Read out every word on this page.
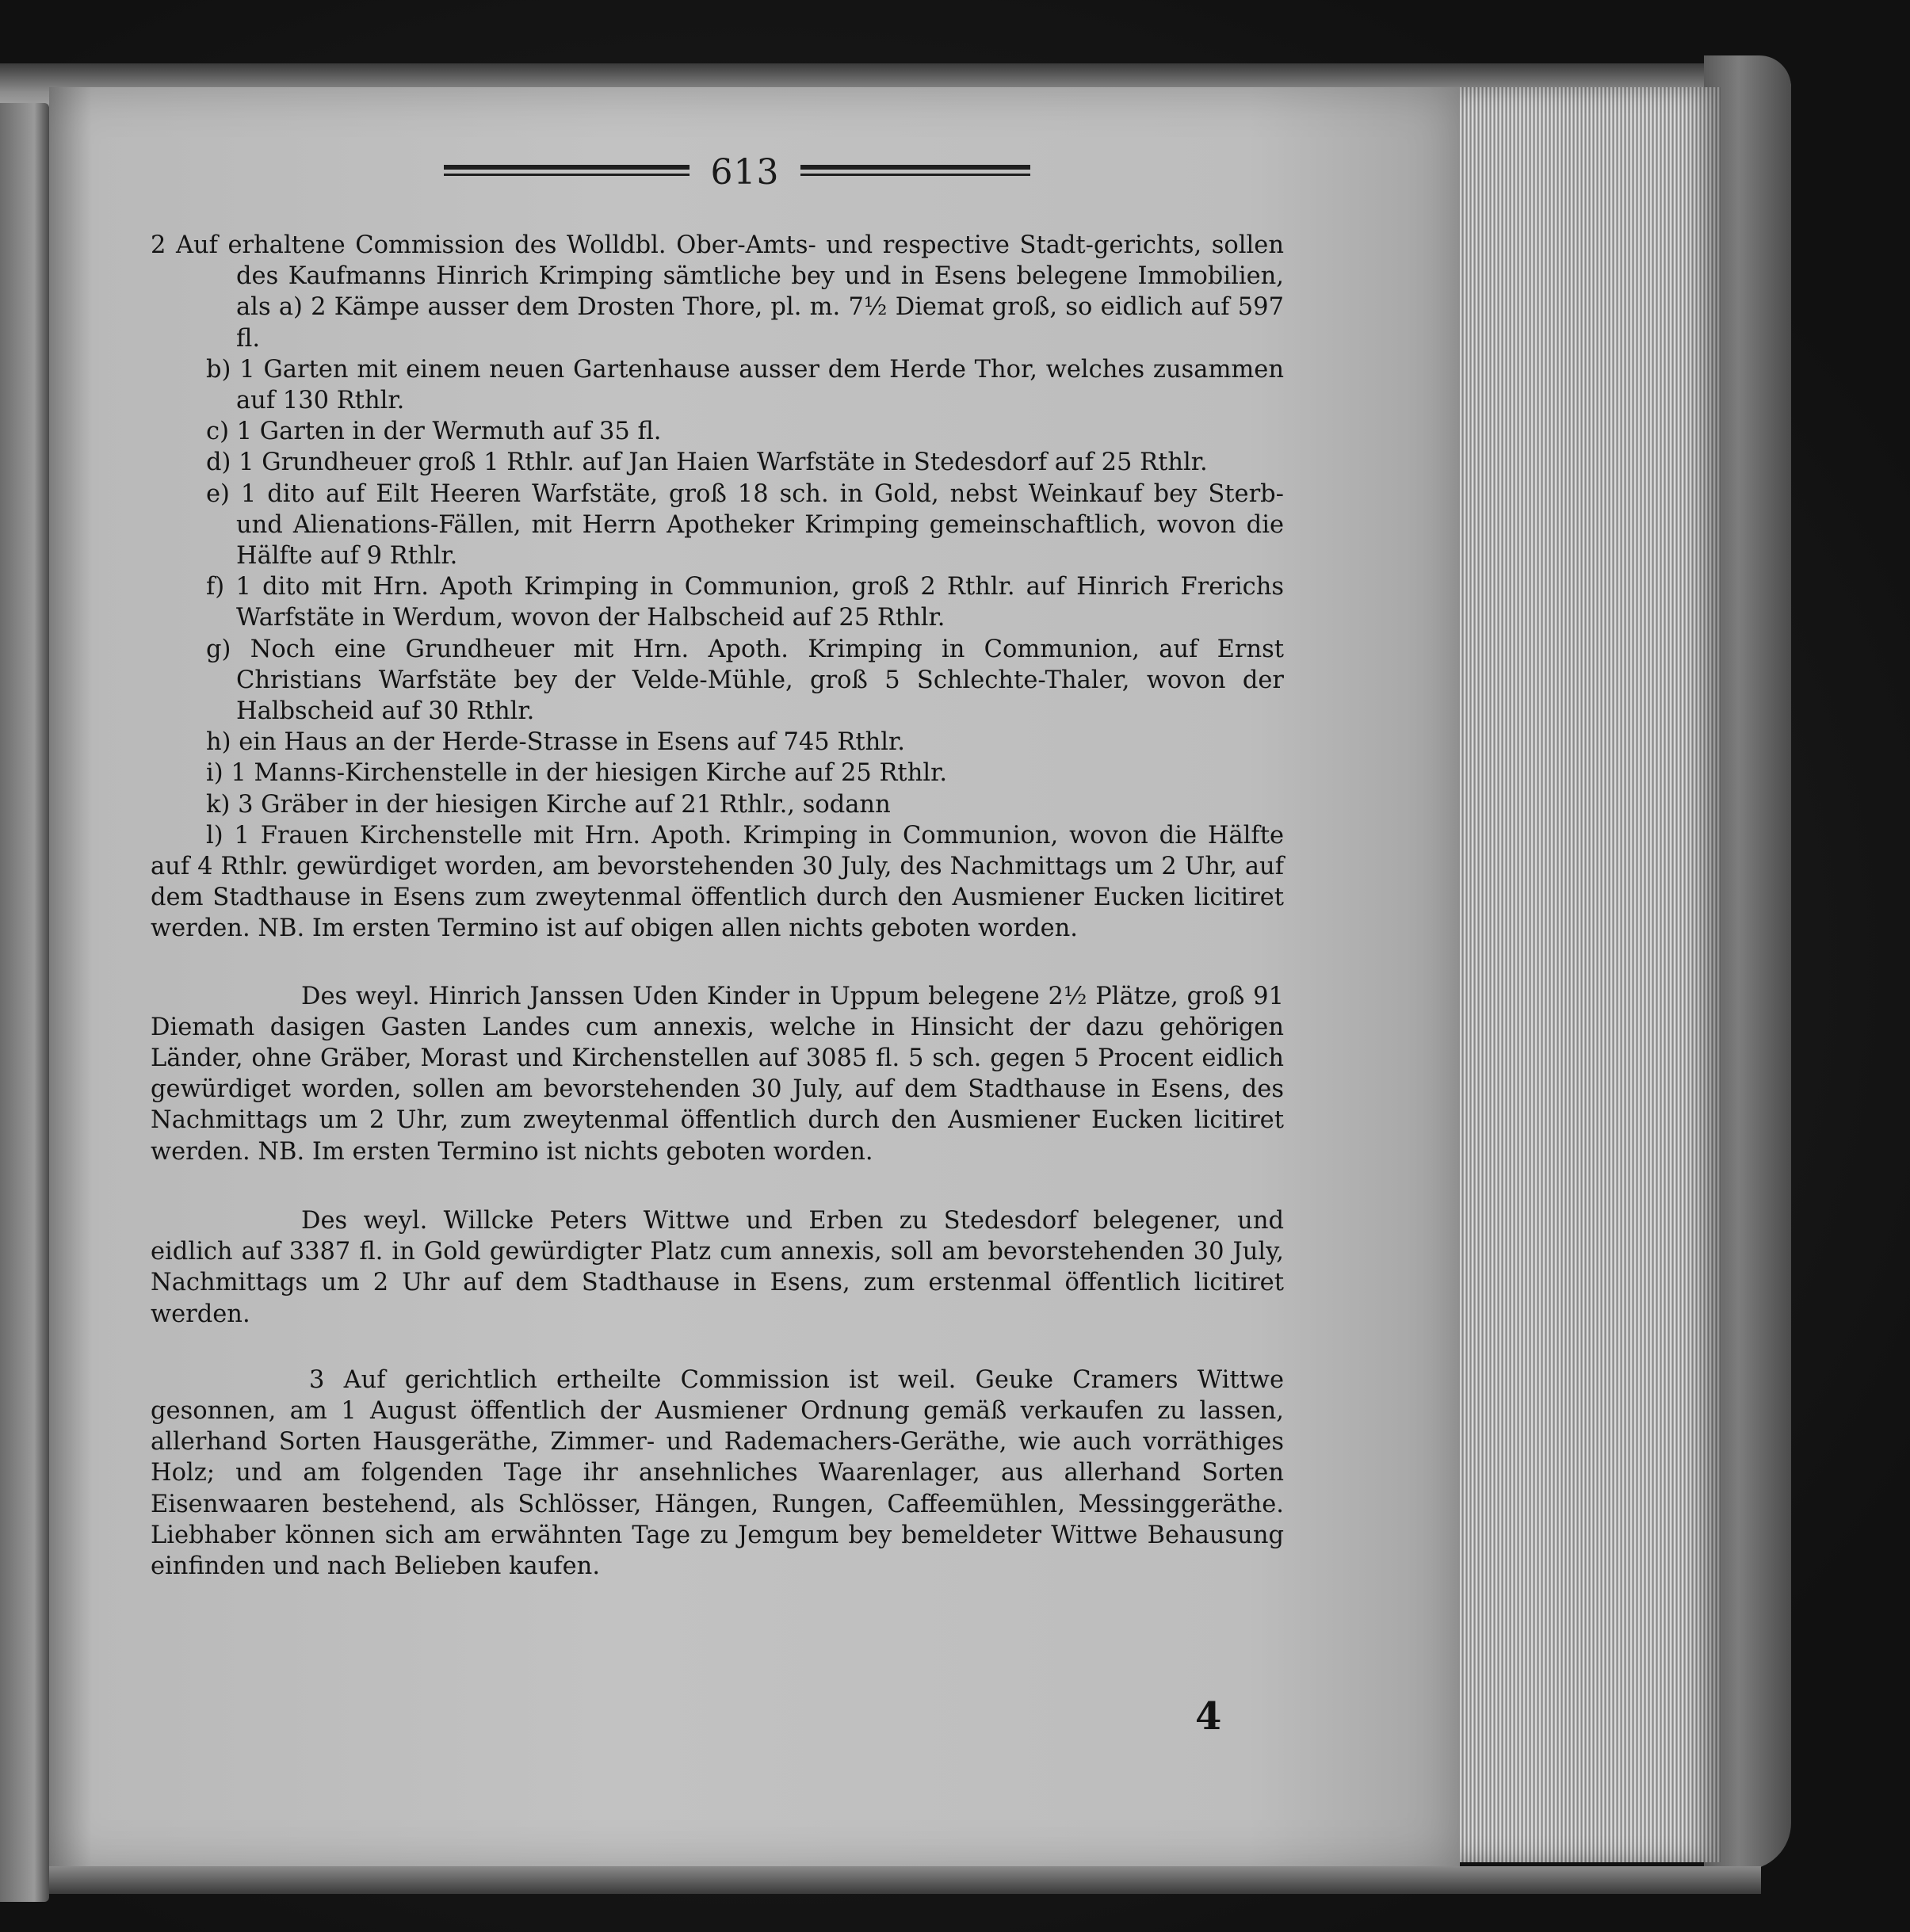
613

2 Auf erhaltene Commission des Wolldbl. Ober-Amts- und respective Stadt-gerichts, sollen des Kaufmanns Hinrich Krimping sämtliche bey und in Esens belegene Immobilien, als a) 2 Kämpe ausser dem Drosten Thore, pl. m. 7½ Diemat groß, so eidlich auf 597 fl.

b) 1 Garten mit einem neuen Gartenhause ausser dem Herde Thor, welches zusammen auf 130 Rthlr.

c) 1 Garten in der Wermuth auf 35 fl.

d) 1 Grundheuer groß 1 Rthlr. auf Jan Haien Warfstäte in Stedesdorf auf 25 Rthlr.

e) 1 dito auf Eilt Heeren Warfstäte, groß 18 sch. in Gold, nebst Weinkauf bey Sterb- und Alienations-Fällen, mit Herrn Apotheker Krimping gemeinschaftlich, wovon die Hälfte auf 9 Rthlr.

f) 1 dito mit Hrn. Apoth Krimping in Communion, groß 2 Rthlr. auf Hinrich Frerichs Warfstäte in Werdum, wovon der Halbscheid auf 25 Rthlr.

g) Noch eine Grundheuer mit Hrn. Apoth. Krimping in Communion, auf Ernst Christians Warfstäte bey der Velde-Mühle, groß 5 Schlechte-Thaler, wovon der Halbscheid auf 30 Rthlr.

h) ein Haus an der Herde-Strasse in Esens auf 745 Rthlr.

i) 1 Manns-Kirchenstelle in der hiesigen Kirche auf 25 Rthlr.

k) 3 Gräber in der hiesigen Kirche auf 21 Rthlr., sodann

l) 1 Frauen Kirchenstelle mit Hrn. Apoth. Krimping in Communion, wovon die Hälfte auf 4 Rthlr. gewürdiget worden, am bevorstehenden 30 July, des Nachmittags um 2 Uhr, auf dem Stadthause in Esens zum zweytenmal öffentlich durch den Ausmiener Eucken licitiret werden. NB. Im ersten Termino ist auf obigen allen nichts geboten worden.

Des weyl. Hinrich Janssen Uden Kinder in Uppum belegene 2½ Plätze, groß 91 Diemath dasigen Gasten Landes cum annexis, welche in Hinsicht der dazu gehörigen Länder, ohne Gräber, Morast und Kirchenstellen auf 3085 fl. 5 sch. gegen 5 Procent eidlich gewürdiget worden, sollen am bevorstehenden 30 July, auf dem Stadthause in Esens, des Nachmittags um 2 Uhr, zum zweytenmal öffentlich durch den Ausmiener Eucken licitiret werden. NB. Im ersten Termino ist nichts geboten worden.

Des weyl. Willcke Peters Wittwe und Erben zu Stedesdorf belegener, und eidlich auf 3387 fl. in Gold gewürdigter Platz cum annexis, soll am bevorstehenden 30 July, Nachmittags um 2 Uhr auf dem Stadthause in Esens, zum erstenmal öffentlich licitiret werden.

3 Auf gerichtlich ertheilte Commission ist weil. Geuke Cramers Wittwe gesonnen, am 1 August öffentlich der Ausmiener Ordnung gemäß verkaufen zu lassen, allerhand Sorten Hausgeräthe, Zimmer- und Rademachers-Geräthe, wie auch vorräthiges Holz; und am folgenden Tage ihr ansehnliches Waarenlager, aus allerhand Sorten Eisenwaaren bestehend, als Schlösser, Hängen, Rungen, Caffeemühlen, Messinggeräthe. Liebhaber können sich am erwähnten Tage zu Jemgum bey bemeldeter Wittwe Behausung einfinden und nach Belieben kaufen.

4
